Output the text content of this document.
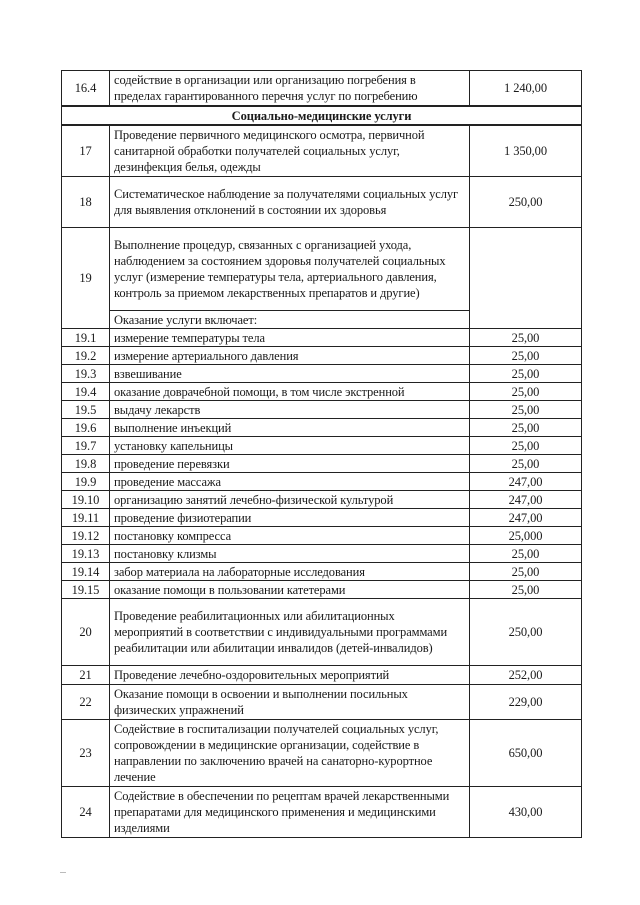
16.4	содействие в организации или организацию погребения в пределах гарантированного перечня услуг по погребению	1 240,00
Социально-медицинские услуги		
17	Проведение первичного медицинского осмотра, первичной санитарной обработки получателей социальных услуг, дезинфекция белья, одежды	1 350,00
18	Систематическое наблюдение за получателями социальных услуг для выявления отклонений в состоянии их здоровья	250,00
19	Выполнение процедур, связанных с организацией ухода, наблюдением за состоянием здоровья получателей социальных услуг (измерение температуры тела, артериального давления, контроль за приемом лекарственных препаратов и другие)	
	Оказание услуги включает:	
19.1	измерение температуры тела	25,00
19.2	измерение артериального давления	25,00
19.3	взвешивание	25,00
19.4	оказание доврачебной помощи, в том числе экстренной	25,00
19.5	выдачу лекарств	25,00
19.6	выполнение инъекций	25,00
19.7	установку капельницы	25,00
19.8	проведение перевязки	25,00
19.9	проведение массажа	247,00
19.10	организацию занятий лечебно-физической культурой	247,00
19.11	проведение физиотерапии	247,00
19.12	постановку компресса	25,000
19.13	постановку клизмы	25,00
19.14	забор материала на лабораторные исследования	25,00
19.15	оказание помощи в пользовании катетерами	25,00
20	Проведение реабилитационных или абилитационных мероприятий в соответствии с индивидуальными программами реабилитации или абилитации инвалидов (детей-инвалидов)	250,00
21	Проведение лечебно-оздоровительных мероприятий	252,00
22	Оказание помощи в освоении и выполнении посильных физических упражнений	229,00
23	Содействие в госпитализации получателей социальных услуг, сопровождении в медицинские организации, содействие в направлении по заключению врачей на санаторно-курортное лечение	650,00
24	Содействие в обеспечении по рецептам врачей лекарственными препаратами для медицинского применения и медицинскими изделиями	430,00
